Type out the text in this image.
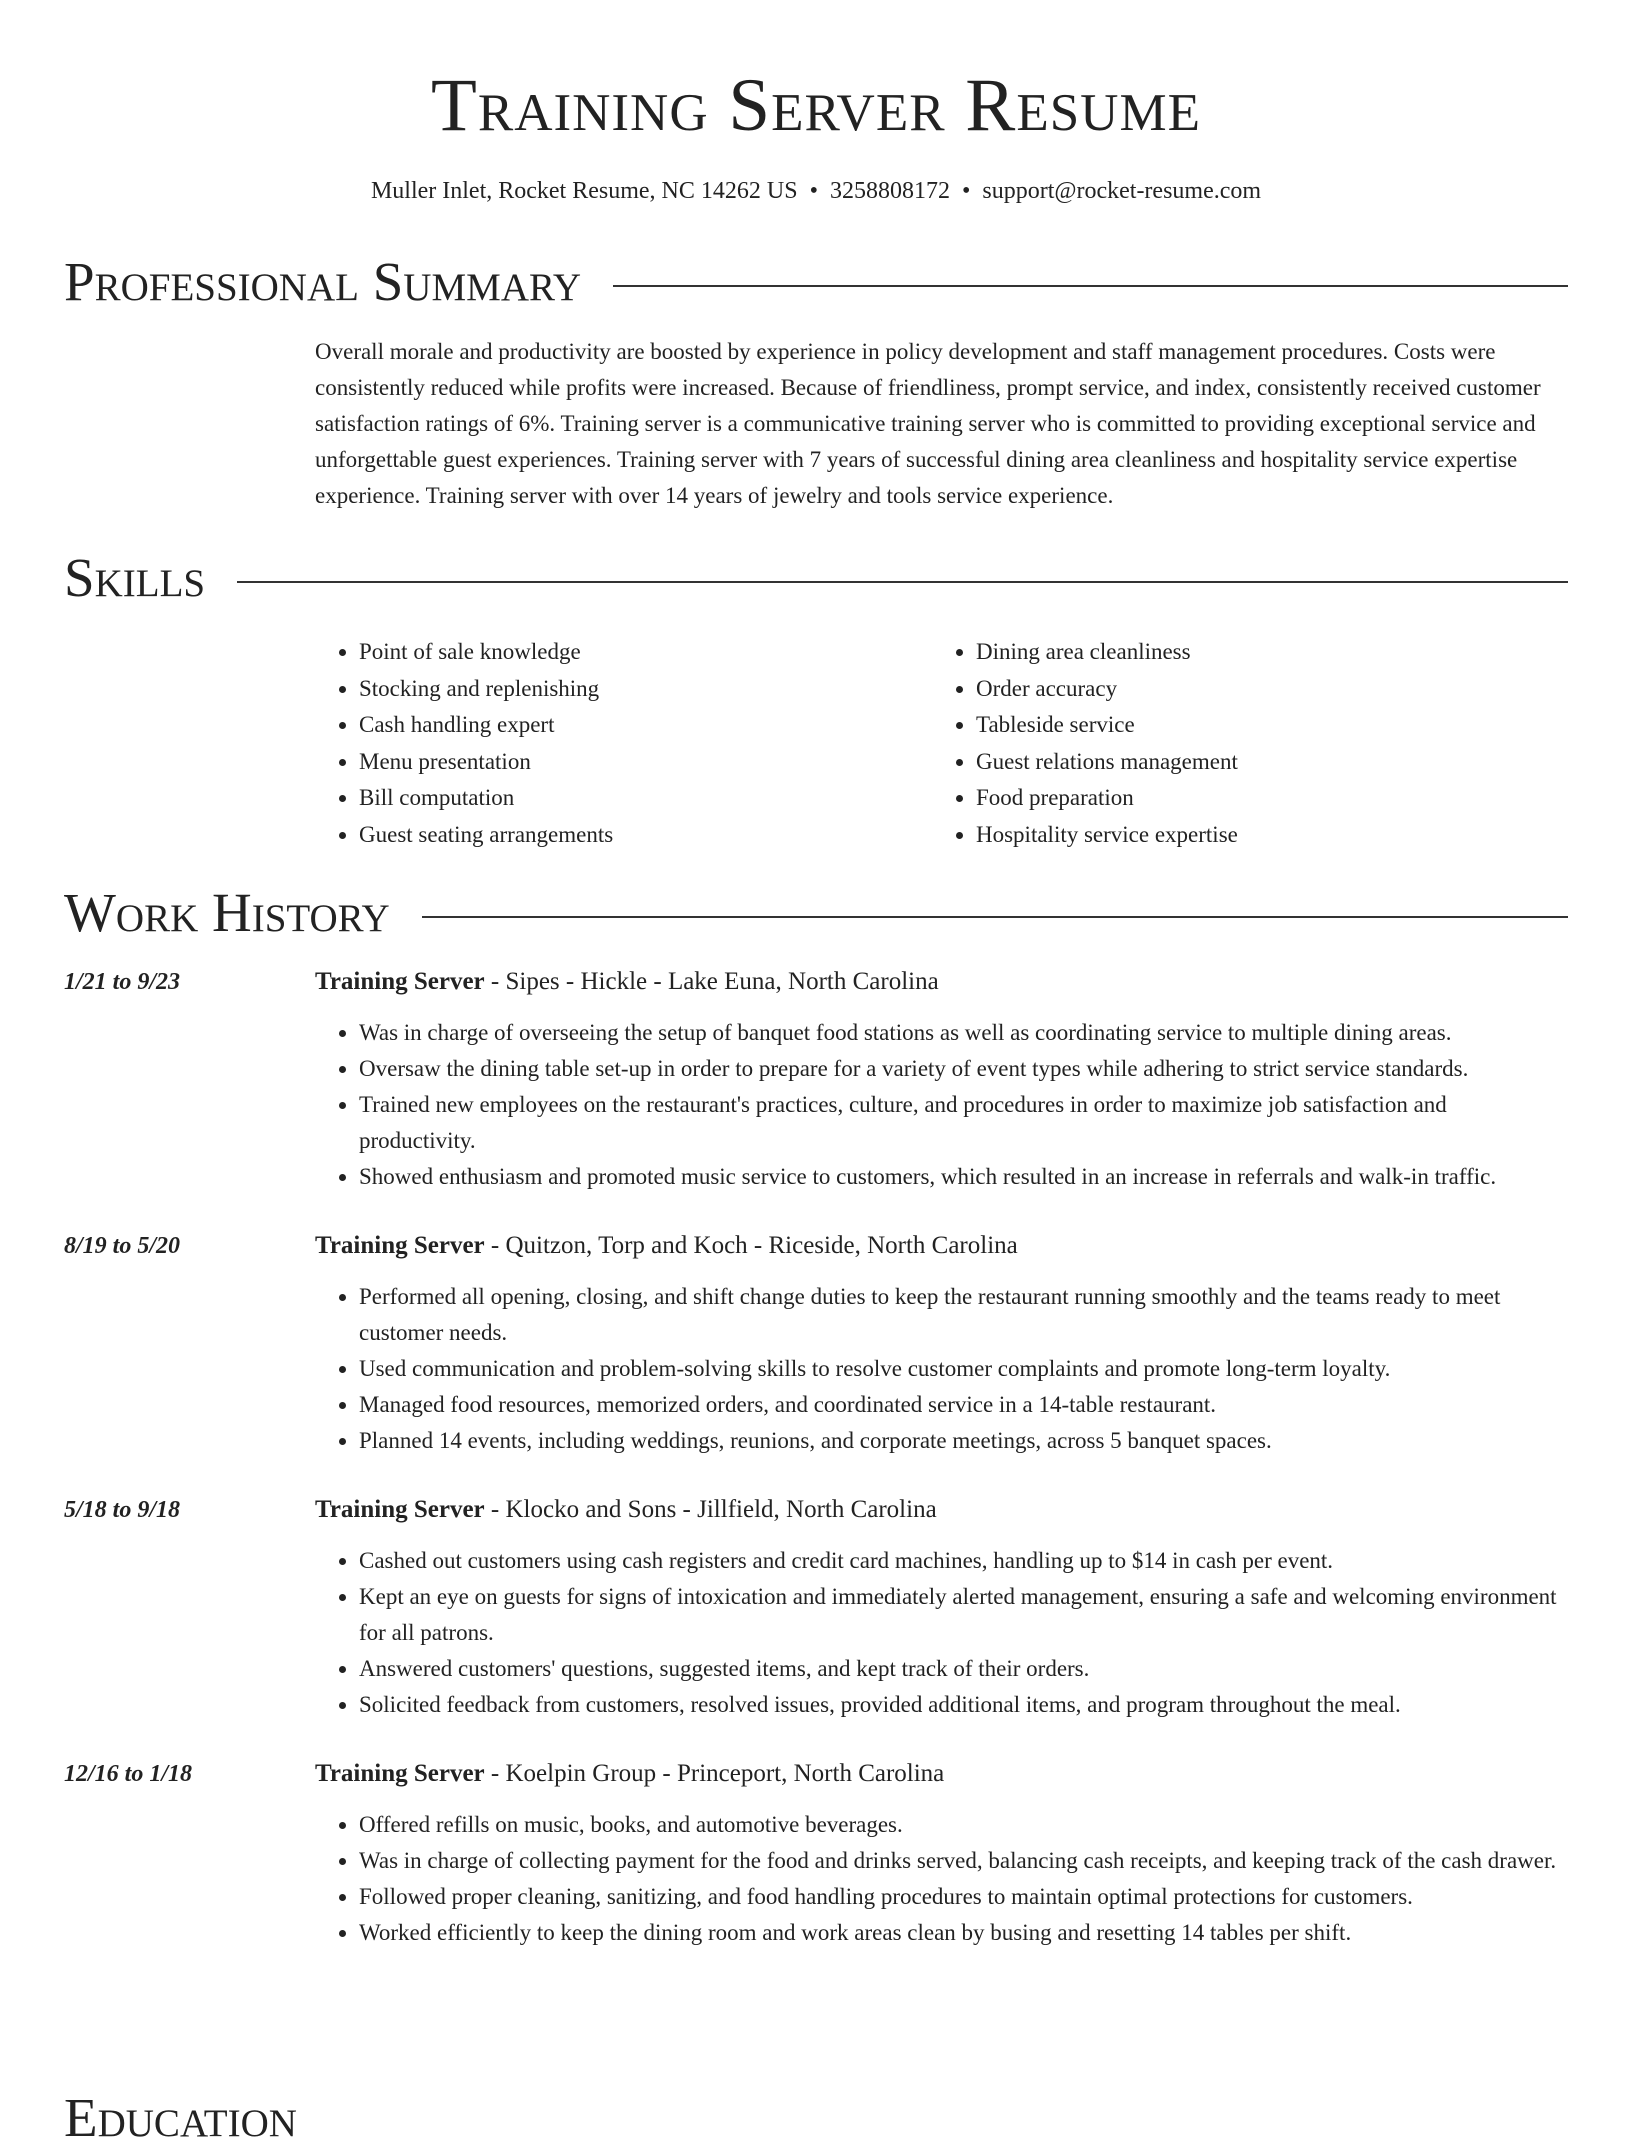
Training Server Resume
Muller Inlet, Rocket Resume, NC 14262 US • 3258808172 • support@rocket-resume.com
Professional Summary

Overall morale and productivity are boosted by experience in policy development and staff management procedures. Costs were consistently reduced while profits were increased. Because of friendliness, prompt service, and index, consistently received customer satisfaction ratings of 6%. Training server is a communicative training server who is committed to providing exceptional service and unforgettable guest experiences. Training server with 7 years of successful dining area cleanliness and hospitality service expertise experience. Training server with over 14 years of jewelry and tools service experience.

Skills
• Point of sale knowledge
• Stocking and replenishing
• Cash handling expert
• Menu presentation
• Bill computation
• Guest seating arrangements
• Dining area cleanliness
• Order accuracy
• Tableside service
• Guest relations management
• Food preparation
• Hospitality service expertise
Work History
1/21 to 9/23	Training Server - Sipes - Hickle - Lake Euna, North Carolina
• Was in charge of overseeing the setup of banquet food stations as well as coordinating service to multiple dining areas.
• Oversaw the dining table set-up in order to prepare for a variety of event types while adhering to strict service standards.
• Trained new employees on the restaurant's practices, culture, and procedures in order to maximize job satisfaction and productivity.
• Showed enthusiasm and promoted music service to customers, which resulted in an increase in referrals and walk-in traffic.
8/19 to 5/20	Training Server - Quitzon, Torp and Koch - Riceside, North Carolina
• Performed all opening, closing, and shift change duties to keep the restaurant running smoothly and the teams ready to meet customer needs.
• Used communication and problem-solving skills to resolve customer complaints and promote long-term loyalty.
• Managed food resources, memorized orders, and coordinated service in a 14-table restaurant.
• Planned 14 events, including weddings, reunions, and corporate meetings, across 5 banquet spaces.
5/18 to 9/18	Training Server - Klocko and Sons - Jillfield, North Carolina
• Cashed out customers using cash registers and credit card machines, handling up to $14 in cash per event.
• Kept an eye on guests for signs of intoxication and immediately alerted management, ensuring a safe and welcoming environment for all patrons.
• Answered customers' questions, suggested items, and kept track of their orders.
• Solicited feedback from customers, resolved issues, provided additional items, and program throughout the meal.
12/16 to 1/18	Training Server - Koelpin Group - Princeport, North Carolina
• Offered refills on music, books, and automotive beverages.
• Was in charge of collecting payment for the food and drinks served, balancing cash receipts, and keeping track of the cash drawer.
• Followed proper cleaning, sanitizing, and food handling procedures to maintain optimal protections for customers.
• Worked efficiently to keep the dining room and work areas clean by busing and resetting 14 tables per shift.
Education
